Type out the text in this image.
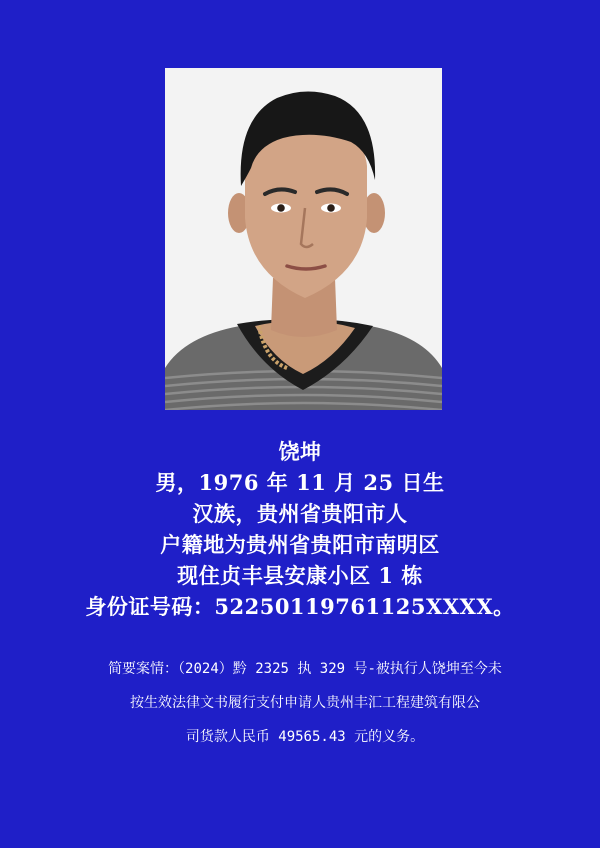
饶坤
男，1976 年 11 月 25 日生
汉族，贵州省贵阳市人
户籍地为贵州省贵阳市南明区
现住贞丰县安康小区 1 栋
身份证号码：52250119761125XXXX。
简要案情：（2024）黔 2325 执 329 号-被执行人饶坤至今未
按生效法律文书履行支付申请人贵州丰汇工程建筑有限公
司货款人民币 49565.43 元的义务。
